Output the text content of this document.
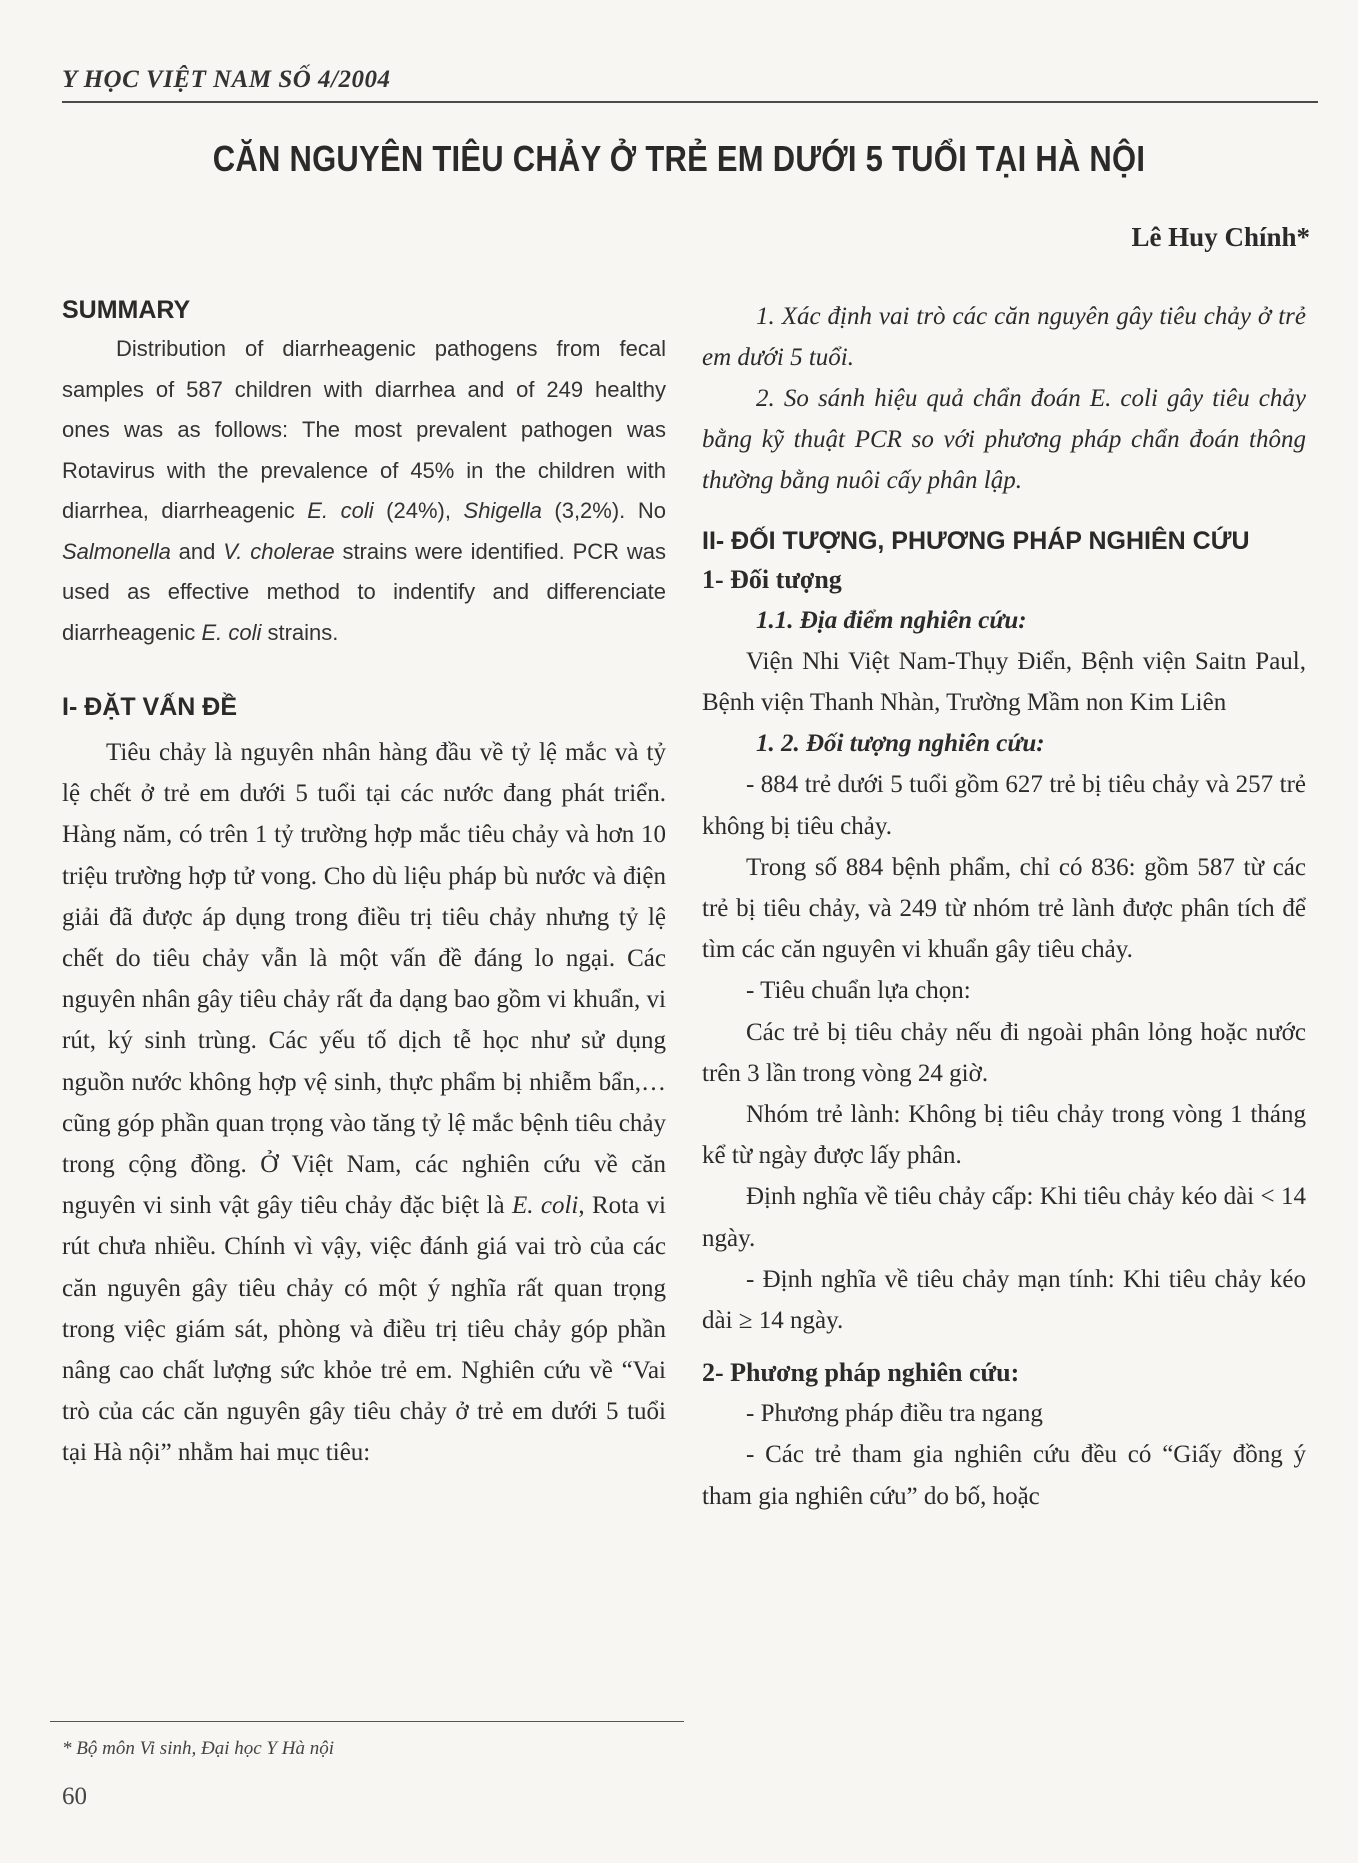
Y HỌC VIỆT NAM SỐ 4/2004
CĂN NGUYÊN TIÊU CHẢY Ở TRẺ EM DƯỚI 5 TUỔI TẠI HÀ NỘI
Lê Huy Chính*
SUMMARY

Distribution of diarrheagenic pathogens from fecal samples of 587 children with diarrhea and of 249 healthy ones was as follows: The most prevalent pathogen was Rotavirus with the prevalence of 45% in the children with diarrhea, diarrheagenic E. coli (24%), Shigella (3,2%). No Salmonella and V. cholerae strains were identified. PCR was used as effective method to indentify and differenciate diarrheagenic E. coli strains.

I- ĐẶT VẤN ĐỀ

Tiêu chảy là nguyên nhân hàng đầu về tỷ lệ mắc và tỷ lệ chết ở trẻ em dưới 5 tuổi tại các nước đang phát triển. Hàng năm, có trên 1 tỷ trường hợp mắc tiêu chảy và hơn 10 triệu trường hợp tử vong. Cho dù liệu pháp bù nước và điện giải đã được áp dụng trong điều trị tiêu chảy nhưng tỷ lệ chết do tiêu chảy vẫn là một vấn đề đáng lo ngại. Các nguyên nhân gây tiêu chảy rất đa dạng bao gồm vi khuẩn, vi rút, ký sinh trùng. Các yếu tố dịch tễ học như sử dụng nguồn nước không hợp vệ sinh, thực phẩm bị nhiễm bẩn,…cũng góp phần quan trọng vào tăng tỷ lệ mắc bệnh tiêu chảy trong cộng đồng. Ở Việt Nam, các nghiên cứu về căn nguyên vi sinh vật gây tiêu chảy đặc biệt là E. coli, Rota vi rút chưa nhiều. Chính vì vậy, việc đánh giá vai trò của các căn nguyên gây tiêu chảy có một ý nghĩa rất quan trọng trong việc giám sát, phòng và điều trị tiêu chảy góp phần nâng cao chất lượng sức khỏe trẻ em. Nghiên cứu về “Vai trò của các căn nguyên gây tiêu chảy ở trẻ em dưới 5 tuổi tại Hà nội” nhằm hai mục tiêu:

1. Xác định vai trò các căn nguyên gây tiêu chảy ở trẻ em dưới 5 tuổi.

2. So sánh hiệu quả chẩn đoán E. coli gây tiêu chảy bằng kỹ thuật PCR so với phương pháp chẩn đoán thông thường bằng nuôi cấy phân lập.

II- ĐỐI TƯỢNG, PHƯƠNG PHÁP NGHIÊN CỨU

1- Đối tượng

1.1. Địa điểm nghiên cứu:

Viện Nhi Việt Nam-Thụy Điển, Bệnh viện Saitn Paul, Bệnh viện Thanh Nhàn, Trường Mầm non Kim Liên

1. 2. Đối tượng nghiên cứu:

- 884 trẻ dưới 5 tuổi gồm 627 trẻ bị tiêu chảy và 257 trẻ không bị tiêu chảy.

Trong số 884 bệnh phẩm, chỉ có 836: gồm 587 từ các trẻ bị tiêu chảy, và 249 từ nhóm trẻ lành được phân tích để tìm các căn nguyên vi khuẩn gây tiêu chảy.

- Tiêu chuẩn lựa chọn:

Các trẻ bị tiêu chảy nếu đi ngoài phân lỏng hoặc nước trên 3 lần trong vòng 24 giờ.

Nhóm trẻ lành: Không bị tiêu chảy trong vòng 1 tháng kể từ ngày được lấy phân.

Định nghĩa về tiêu chảy cấp: Khi tiêu chảy kéo dài < 14 ngày.

- Định nghĩa về tiêu chảy mạn tính: Khi tiêu chảy kéo dài ≥ 14 ngày.

2- Phương pháp nghiên cứu:

- Phương pháp điều tra ngang

- Các trẻ tham gia nghiên cứu đều có “Giấy đồng ý tham gia nghiên cứu” do bố, hoặc

* Bộ môn Vi sinh, Đại học Y Hà nội
60
